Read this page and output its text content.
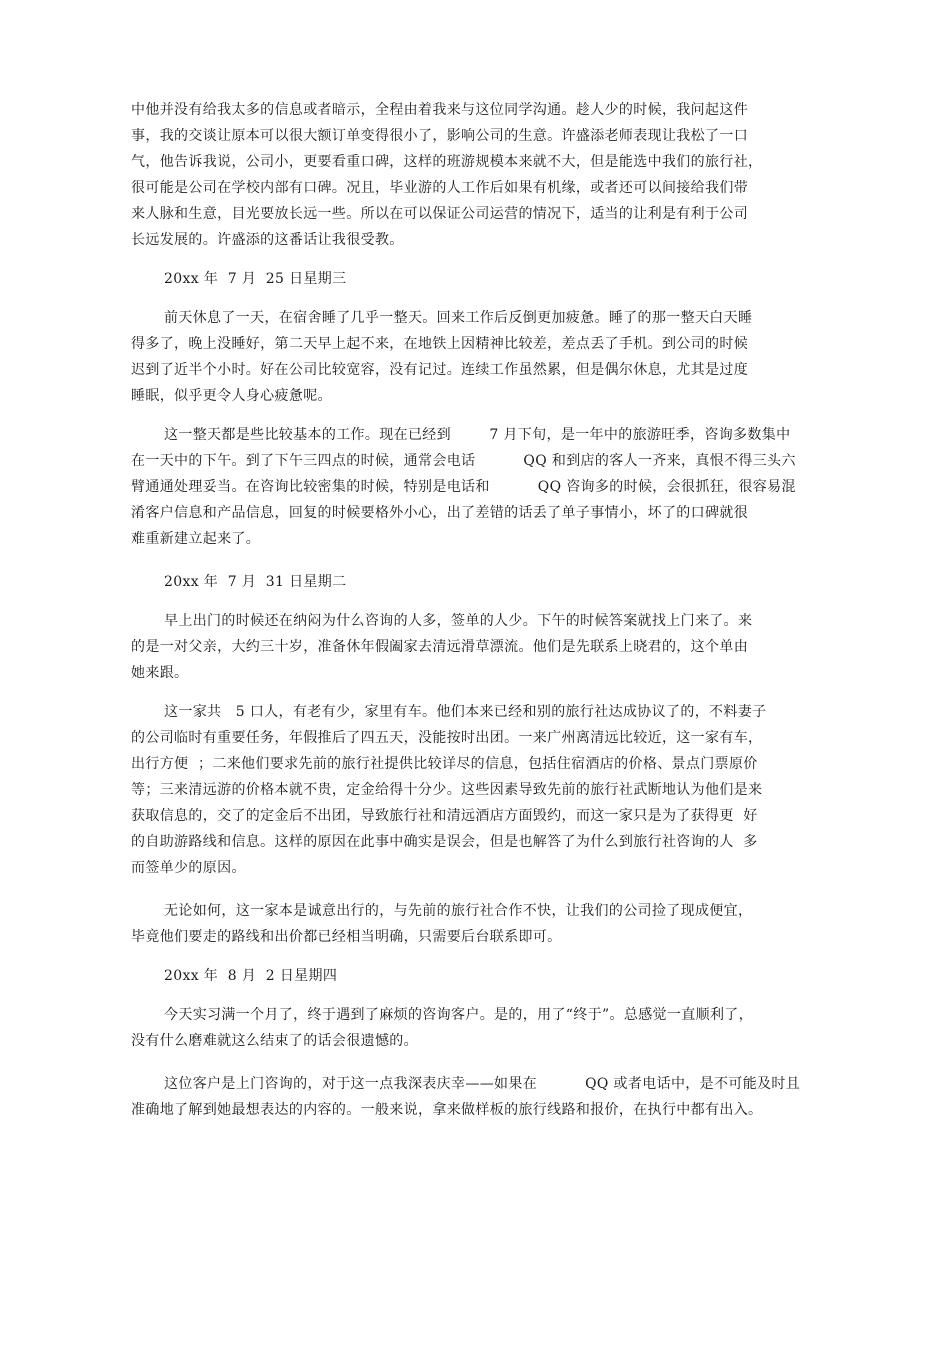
中他并没有给我太多的信息或者暗示，全程由着我来与这位同学沟通。趁人少的时候，我问起这件

事，我的交谈让原本可以很大额订单变得很小了，影响公司的生意。许盛添老师表现让我松了一口

气，他告诉我说，公司小，更要看重口碑，这样的班游规模本来就不大，但是能选中我们的旅行社，

很可能是公司在学校内部有口碑。况且，毕业游的人工作后如果有机缘，或者还可以间接给我们带

来人脉和生意，目光要放长远一些。所以在可以保证公司运营的情况下，适当的让利是有利于公司

长远发展的。许盛添的这番话让我很受教。

20xx 年  7 月  25 日星期三

前天休息了一天，在宿舍睡了几乎一整天。回来工作后反倒更加疲惫。睡了的那一整天白天睡

得多了，晚上没睡好，第二天早上起不来，在地铁上因精神比较差，差点丢了手机。到公司的时候

迟到了近半个小时。好在公司比较宽容，没有记过。连续工作虽然累，但是偶尔休息，尤其是过度

睡眠，似乎更令人身心疲惫呢。

这一整天都是些比较基本的工作。现在已经到        7 月下旬，是一年中的旅游旺季，咨询多数集中

在一天中的下午。到了下午三四点的时候，通常会电话          QQ 和到店的客人一齐来，真恨不得三头六

臂通通处理妥当。在咨询比较密集的时候，特别是电话和          QQ 咨询多的时候，会很抓狂，很容易混

淆客户信息和产品信息，回复的时候要格外小心，出了差错的话丢了单子事情小，坏了的口碑就很

难重新建立起来了。

20xx 年  7 月  31 日星期二

早上出门的时候还在纳闷为什么咨询的人多，签单的人少。下午的时候答案就找上门来了。来

的是一对父亲，大约三十岁，准备休年假阖家去清远滑草漂流。他们是先联系上晓君的，这个单由

她来跟。

这一家共   5 口人，有老有少，家里有车。他们本来已经和别的旅行社达成协议了的，不料妻子

的公司临时有重要任务，年假推后了四五天，没能按时出团。一来广州离清远比较近，这一家有车，

出行方便  ；二来他们要求先前的旅行社提供比较详尽的信息，包括住宿酒店的价格、景点门票原价

等；三来清远游的价格本就不贵，定金给得十分少。这些因素导致先前的旅行社武断地认为他们是来

获取信息的，交了的定金后不出团，导致旅行社和清远酒店方面毁约，而这一家只是为了获得更  好

的自助游路线和信息。这样的原因在此事中确实是误会，但是也解答了为什么到旅行社咨询的人  多

而签单少的原因。

无论如何，这一家本是诚意出行的，与先前的旅行社合作不快，让我们的公司捡了现成便宜，

毕竟他们要走的路线和出价都已经相当明确，只需要后台联系即可。

20xx 年  8 月  2 日星期四

今天实习满一个月了，终于遇到了麻烦的咨询客户。是的，用了“终于”。总感觉一直顺利了，

没有什么磨难就这么结束了的话会很遗憾的。

这位客户是上门咨询的，对于这一点我深表庆幸——如果在          QQ 或者电话中，是不可能及时且

准确地了解到她最想表达的内容的。一般来说，拿来做样板的旅行线路和报价，在执行中都有出入。
